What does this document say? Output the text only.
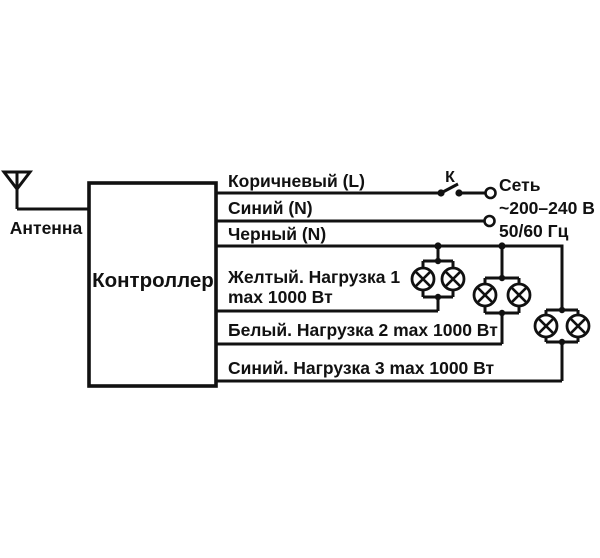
Антенна
Контроллер
К
Коричневый (L)
Синий (N)
Сеть
~200–240 В
50/60 Гц
Черный (N)
Желтый. Нагрузка 1
max 1000 Вт
Белый. Нагрузка 2 max 1000 Вт
Синий. Нагрузка 3 max 1000 Вт
